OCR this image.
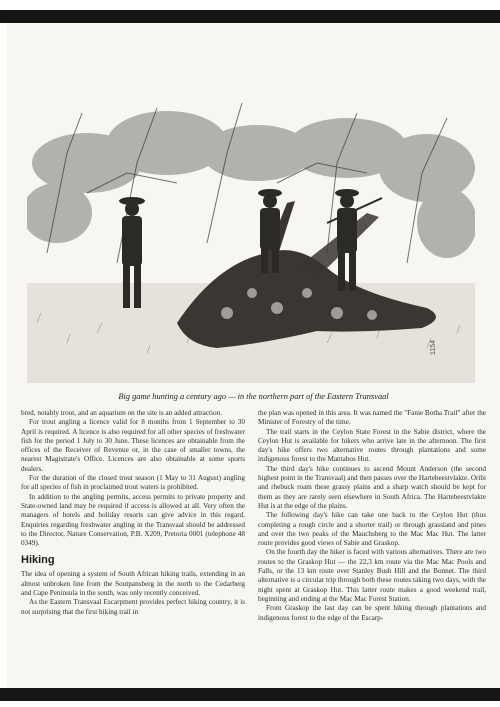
1154
Big game hunting a century ago — in the northern part of the Eastern Transvaal

bred, notably trout, and an aquarium on the site is an added attraction.

For trout angling a licence valid for 8 months from 1 September to 30 April is required. A licence is also required for all other species of freshwater fish for the period 1 July to 30 June. These licences are obtainable from the offices of the Receiver of Revenue or, in the case of smaller towns, the nearest Magistrate's Office. Licences are also obtainable at some sports dealers.

For the duration of the closed trout season (1 May to 31 August) angling for all species of fish in proclaimed trout waters is prohibited.

In addition to the angling permits, access permits to private property and State-owned land may be required if access is allowed at all. Very often the managers of hotels and holiday resorts can give advice in this regard. Enquiries regarding freshwater angling in the Transvaal should be addressed to the Director, Nature Conservation, P.B. X209, Pretoria 0001 (telephone 48 0349).

Hiking

The idea of opening a system of South African hiking trails, extending in an almost unbroken line from the Soutpansberg in the north to the Cedarberg and Cape Peninsula in the south, was only recently conceived.

As the Eastern Transvaal Escarpment provides perfect hiking country, it is not surprising that the first hiking trail in

the plan was opened in this area. It was named the "Fanie Botha Trail" after the Minister of Forestry of the time.

The trail starts in the Ceylon State Forest in the Sabie district, where the Ceylon Hut is available for hikers who arrive late in the afternoon. The first day's hike offers two alternative routes through plantations and some indigenous forest to the Mantabos Hut.

The third day's hike continues to ascend Mount Anderson (the second highest point in the Transvaal) and then passes over the Hartebeestvlakte. Oribi and rhebuck roam these grassy plains and a sharp watch should be kept for them as they are rarely seen elsewhere in South Africa. The Hartebeestvlakte Hut is at the edge of the plains.

The following day's hike can take one back to the Ceylon Hut (thus completing a rough circle and a shorter trail) or through grassland and pines and over the two peaks of the Mauchsberg to the Mac Mac Hut. The latter route provides good views of Sabie and Graskop.

On the fourth day the hiker is faced with various alternatives. There are two routes to the Graskop Hut — the 22,3 km route via the Mac Mac Pools and Falls, or the 13 km route over Stanley Bush Hill and the Bonnet. The third alternative is a circular trip through both these routes taking two days, with the night spent at Graskop Hut. This latter route makes a good weekend trail, beginning and ending at the Mac Mac Forest Station.

From Graskop the last day can be spent hiking through plantations and indigenous forest to the edge of the Escarp-
